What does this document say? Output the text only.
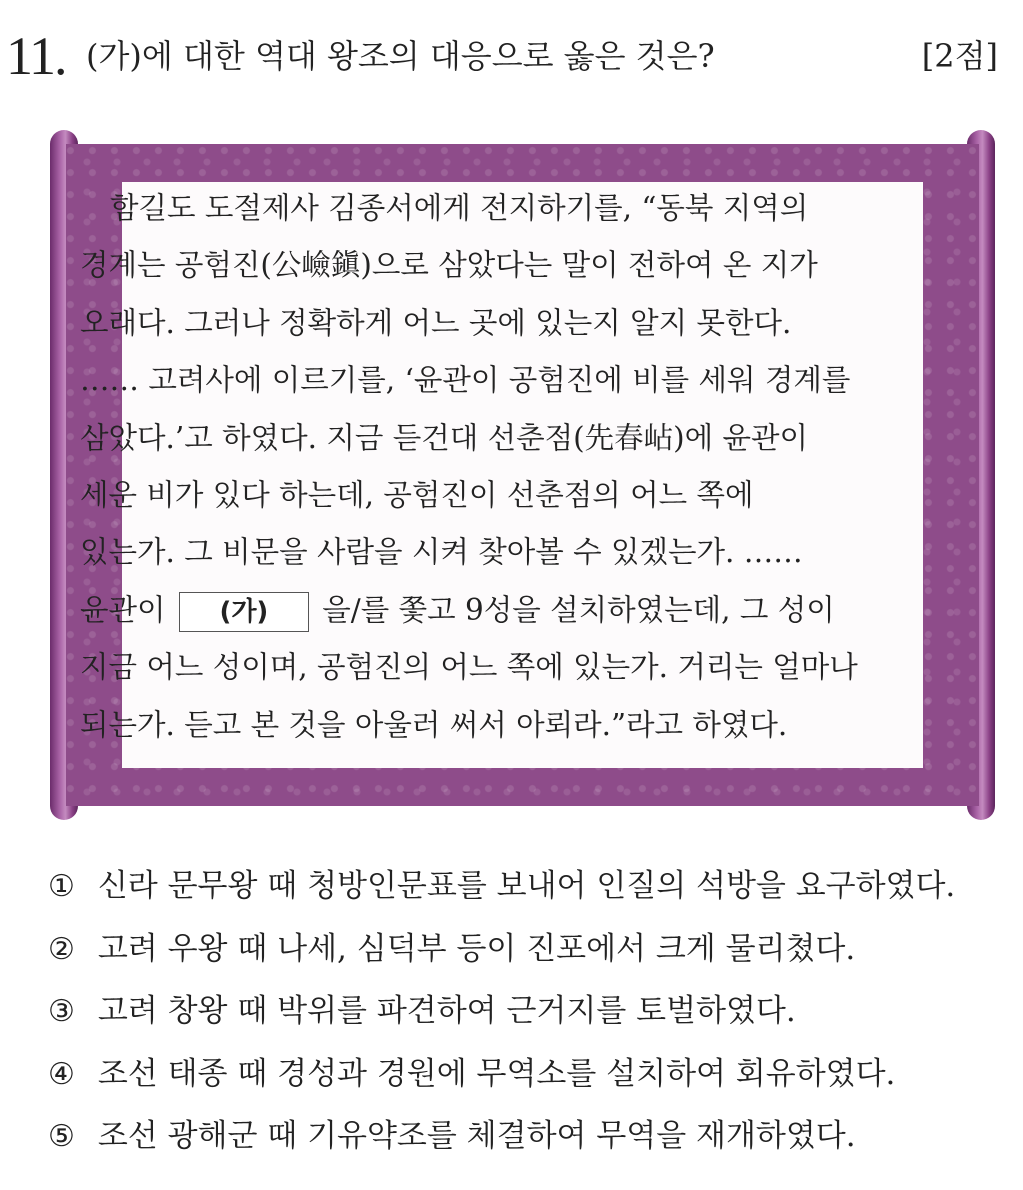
11. (가)에 대한 역대 왕조의 대응으로 옳은 것은?	[2점]
함길도 도절제사 김종서에게 전지하기를, “동북 지역의
경계는 공험진(公嶮鎭)으로 삼았다는 말이 전하여 온 지가
오래다. 그러나 정확하게 어느 곳에 있는지 알지 못한다.
…… 고려사에 이르기를, ‘윤관이 공험진에 비를 세워 경계를
삼았다.’고 하였다. 지금 듣건대 선춘점(先春岾)에 윤관이
세운 비가 있다 하는데, 공험진이 선춘점의 어느 쪽에
있는가. 그 비문을 사람을 시켜 찾아볼 수 있겠는가. ……
윤관이 (가) 을/를 쫓고 9성을 설치하였는데, 그 성이
지금 어느 성이며, 공험진의 어느 쪽에 있는가. 거리는 얼마나
되는가. 듣고 본 것을 아울러 써서 아뢰라.”라고 하였다.
① 신라 문무왕 때 청방인문표를 보내어 인질의 석방을 요구하였다.
② 고려 우왕 때 나세, 심덕부 등이 진포에서 크게 물리쳤다.
③ 고려 창왕 때 박위를 파견하여 근거지를 토벌하였다.
④ 조선 태종 때 경성과 경원에 무역소를 설치하여 회유하였다.
⑤ 조선 광해군 때 기유약조를 체결하여 무역을 재개하였다.
